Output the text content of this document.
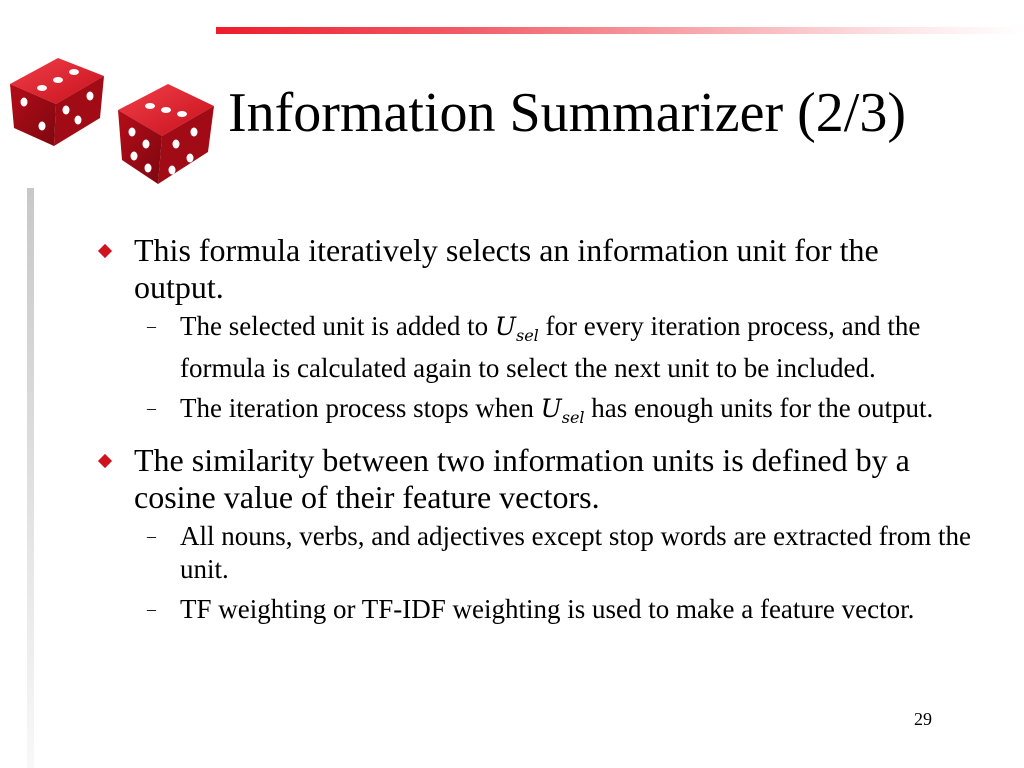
Information Summarizer (2/3)
This formula iteratively selects an information unit for the output.
– The selected unit is added to $U_{sel}$ for every iteration process, and the formula is calculated again to select the next unit to be included.
– The iteration process stops when $U_{sel}$ has enough units for the output.
The similarity between two information units is defined by a cosine value of their feature vectors.
– All nouns, verbs, and adjectives except stop words are extracted from the unit.
– TF weighting or TF-IDF weighting is used to make a feature vector.
29
